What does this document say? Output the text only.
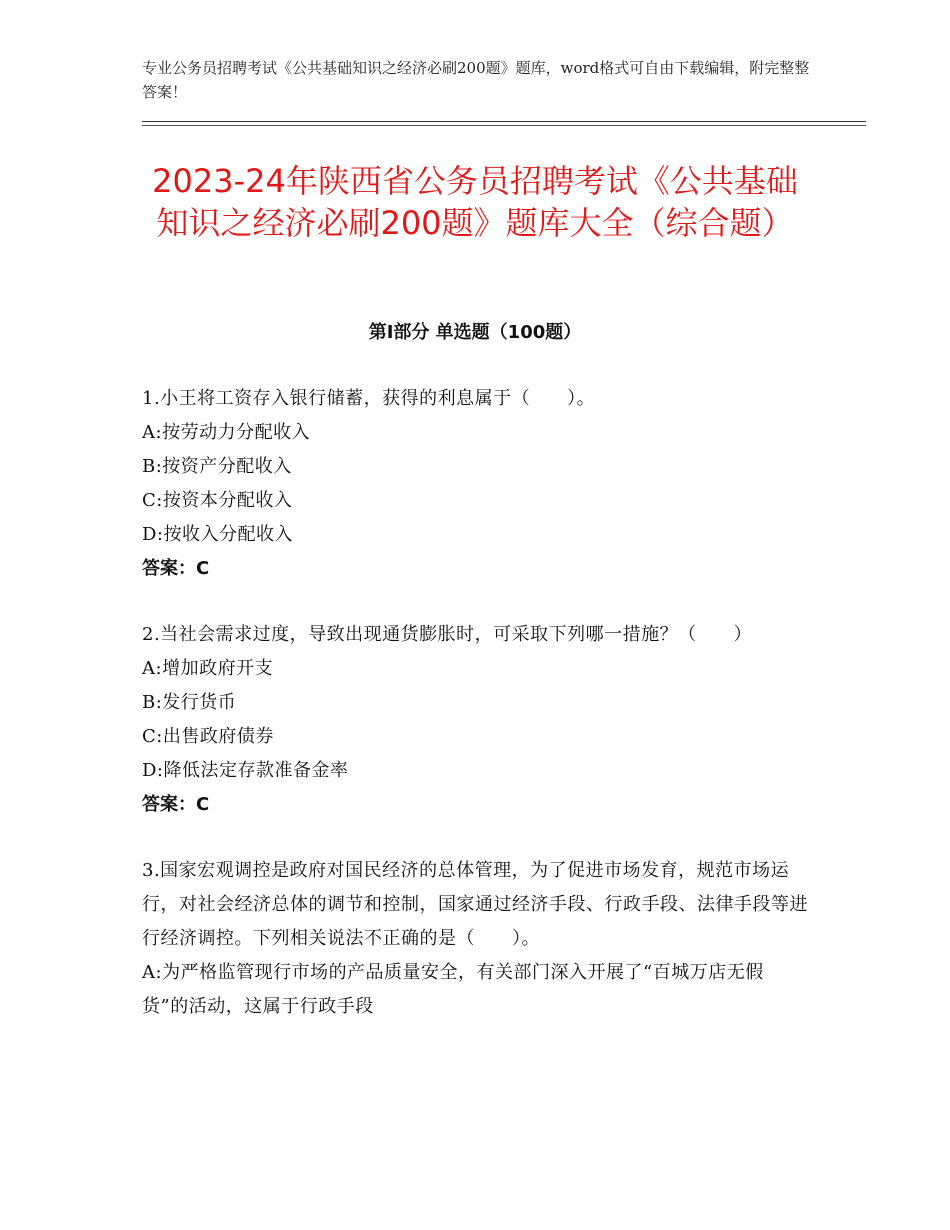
专业公务员招聘考试《公共基础知识之经济必刷200题》题库，word格式可自由下载编辑，附完整整答案！
2023-24年陕西省公务员招聘考试《公共基础知识之经济必刷200题》题库大全（综合题）
第Ⅰ部分 单选题（100题）
1.小王将工资存入银行储蓄，获得的利息属于（　　）。
A:按劳动力分配收入
B:按资产分配收入
C:按资本分配收入
D:按收入分配收入
答案：C
2.当社会需求过度，导致出现通货膨胀时，可采取下列哪一措施？（　　）
A:增加政府开支
B:发行货币
C:出售政府债券
D:降低法定存款准备金率
答案：C
3.国家宏观调控是政府对国民经济的总体管理，为了促进市场发育，规范市场运行，对社会经济总体的调节和控制，国家通过经济手段、行政手段、法律手段等进行经济调控。下列相关说法不正确的是（　　）。
A:为严格监管现行市场的产品质量安全，有关部门深入开展了“百城万店无假货”的活动，这属于行政手段
